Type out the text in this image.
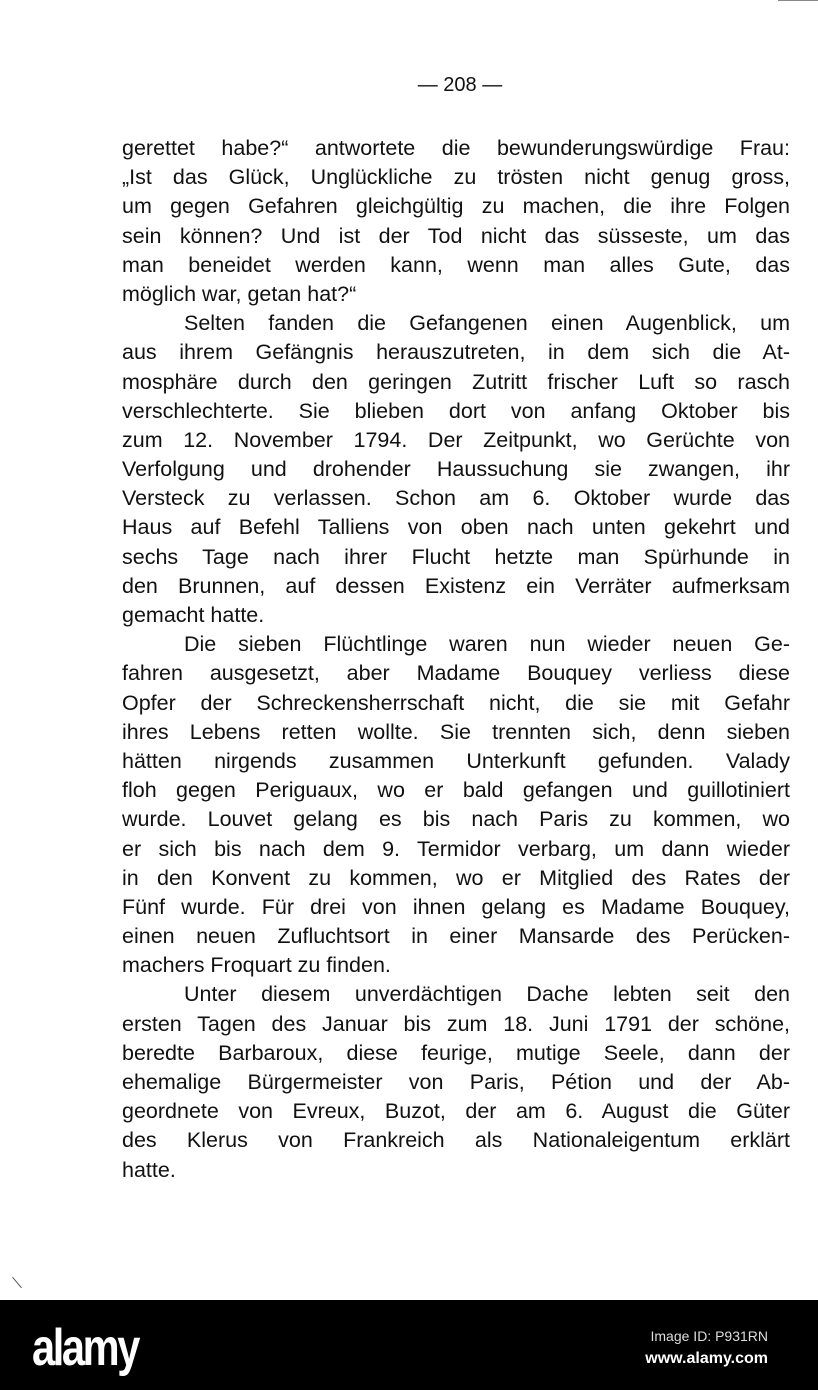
— 208 —
gerettet habe?“ antwortete die bewunderungswürdige Frau:
„Ist das Glück, Unglückliche zu trösten nicht genug gross,
um gegen Gefahren gleichgültig zu machen, die ihre Folgen
sein können? Und ist der Tod nicht das süsseste, um das
man beneidet werden kann, wenn man alles Gute, das
möglich war, getan hat?“
Selten fanden die Gefangenen einen Augenblick, um
aus ihrem Gefängnis herauszutreten, in dem sich die At-
mosphäre durch den geringen Zutritt frischer Luft so rasch
verschlechterte. Sie blieben dort von anfang Oktober bis
zum 12. November 1794. Der Zeitpunkt, wo Gerüchte von
Verfolgung und drohender Haussuchung sie zwangen, ihr
Versteck zu verlassen. Schon am 6. Oktober wurde das
Haus auf Befehl Talliens von oben nach unten gekehrt und
sechs Tage nach ihrer Flucht hetzte man Spürhunde in
den Brunnen, auf dessen Existenz ein Verräter aufmerksam
gemacht hatte.
Die sieben Flüchtlinge waren nun wieder neuen Ge-
fahren ausgesetzt, aber Madame Bouquey verliess diese
Opfer der Schreckensherrschaft nicht, die sie mit Gefahr
ihres Lebens retten wollte. Sie trennten sich, denn sieben
hätten nirgends zusammen Unterkunft gefunden. Valady
floh gegen Periguaux, wo er bald gefangen und guillotiniert
wurde. Louvet gelang es bis nach Paris zu kommen, wo
er sich bis nach dem 9. Termidor verbarg, um dann wieder
in den Konvent zu kommen, wo er Mitglied des Rates der
Fünf wurde. Für drei von ihnen gelang es Madame Bouquey,
einen neuen Zufluchtsort in einer Mansarde des Perücken-
machers Froquart zu finden.
Unter diesem unverdächtigen Dache lebten seit den
ersten Tagen des Januar bis zum 18. Juni 1791 der schöne,
beredte Barbaroux, diese feurige, mutige Seele, dann der
ehemalige Bürgermeister von Paris, Pétion und der Ab-
geordnete von Evreux, Buzot, der am 6. August die Güter
des Klerus von Frankreich als Nationaleigentum erklärt
hatte.
alamy	Image ID: P931RN
www.alamy.com
